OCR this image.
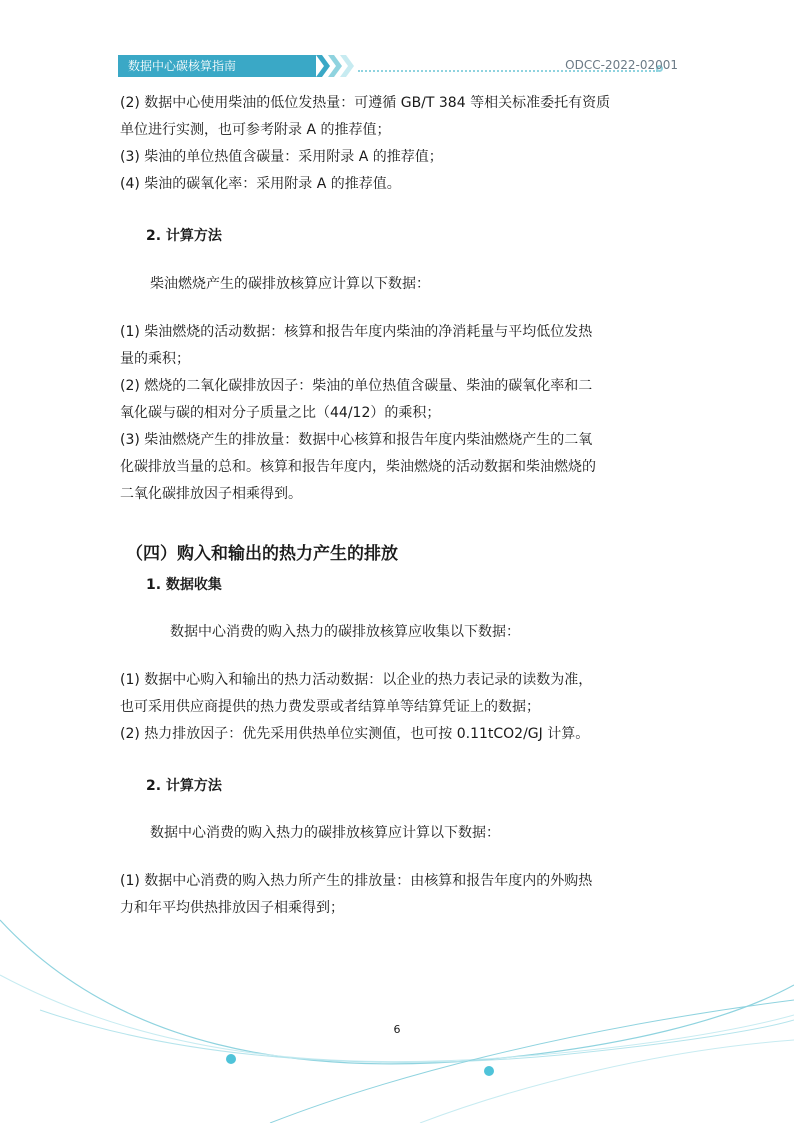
数据中心碳核算指南	ODCC-2022-02001

(2) 数据中心使用柴油的低位发热量：可遵循 GB/T 384 等相关标准委托有资质

单位进行实测，也可参考附录 A 的推荐值；

(3) 柴油的单位热值含碳量：采用附录 A 的推荐值；

(4) 柴油的碳氧化率：采用附录 A 的推荐值。

2. 计算方法

柴油燃烧产生的碳排放核算应计算以下数据：

(1) 柴油燃烧的活动数据：核算和报告年度内柴油的净消耗量与平均低位发热

量的乘积；

(2) 燃烧的二氧化碳排放因子：柴油的单位热值含碳量、柴油的碳氧化率和二

氧化碳与碳的相对分子质量之比（44/12）的乘积；

(3) 柴油燃烧产生的排放量：数据中心核算和报告年度内柴油燃烧产生的二氧

化碳排放当量的总和。核算和报告年度内，柴油燃烧的活动数据和柴油燃烧的

二氧化碳排放因子相乘得到。

（四）购入和输出的热力产生的排放

1. 数据收集

数据中心消费的购入热力的碳排放核算应收集以下数据：

(1) 数据中心购入和输出的热力活动数据：以企业的热力表记录的读数为准，

也可采用供应商提供的热力费发票或者结算单等结算凭证上的数据；

(2) 热力排放因子：优先采用供热单位实测值，也可按 0.11tCO2/GJ 计算。

2. 计算方法

数据中心消费的购入热力的碳排放核算应计算以下数据：

(1) 数据中心消费的购入热力所产生的排放量：由核算和报告年度内的外购热

力和年平均供热排放因子相乘得到；

6
